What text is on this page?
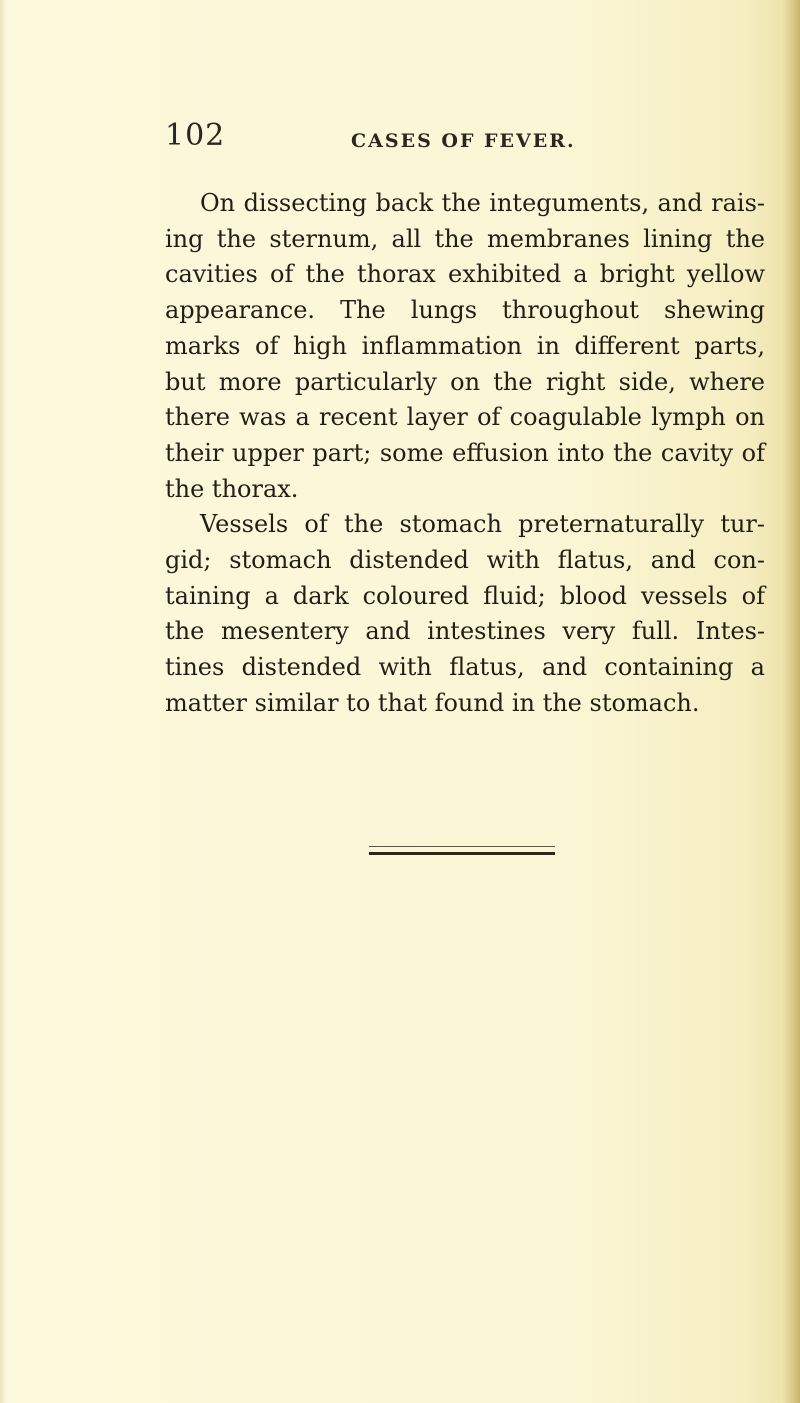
102	CASES OF FEVER.

On dissecting back the integuments, and rais- ing the sternum, all the membranes lining the cavities of the thorax exhibited a bright yellow appearance. The lungs throughout shewing marks of high inflammation in different parts, but more particularly on the right side, where there was a recent layer of coagulable lymph on their upper part; some effusion into the cavity of the thorax.

Vessels of the stomach preternaturally tur- gid; stomach distended with flatus, and con- taining a dark coloured fluid; blood vessels of the mesentery and intestines very full. Intes- tines distended with flatus, and containing a matter similar to that found in the stomach.
